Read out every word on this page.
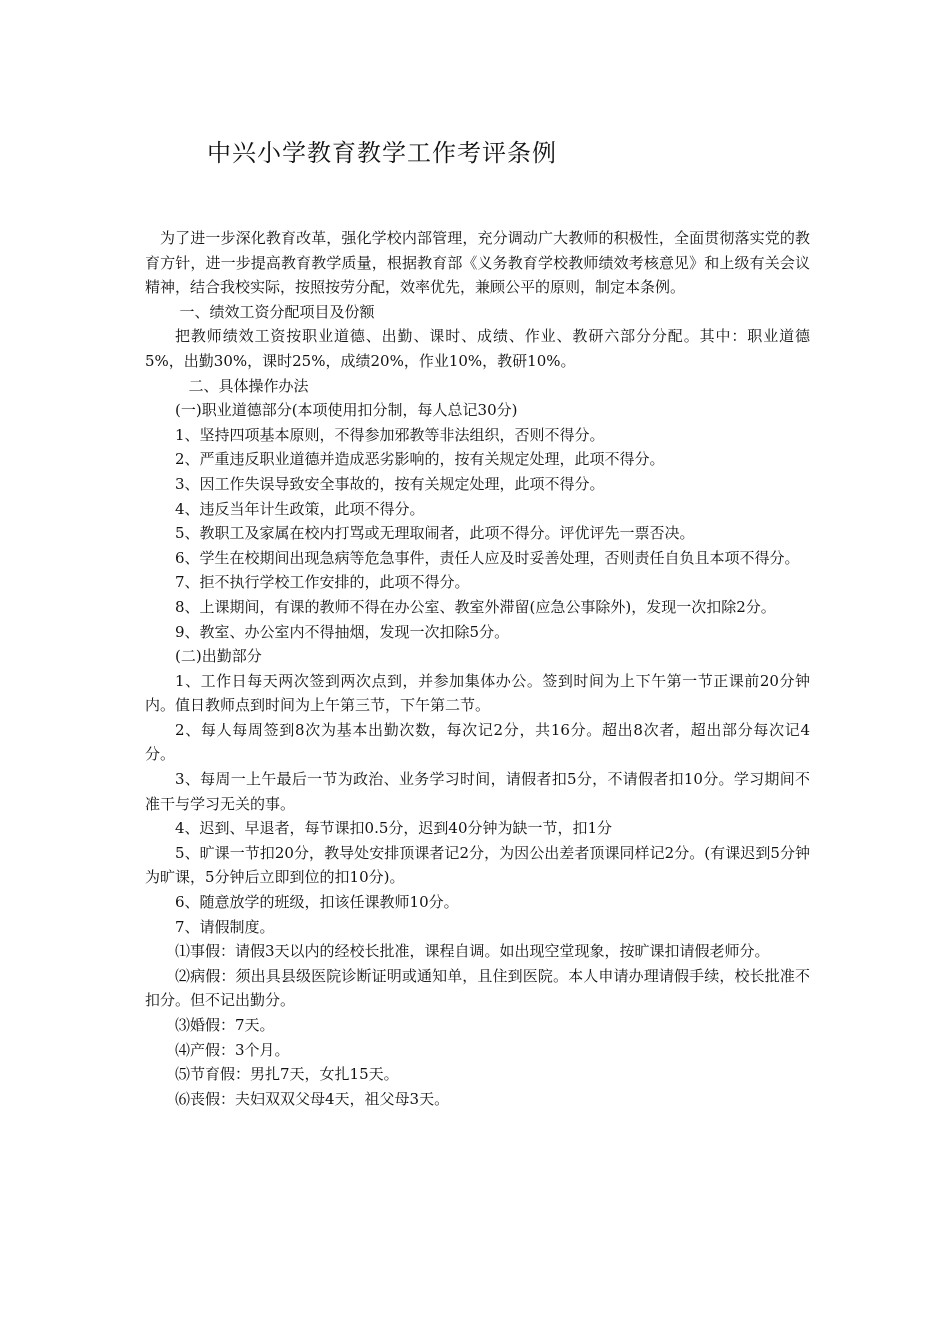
中兴小学教育教学工作考评条例

为了进一步深化教育改革，强化学校内部管理，充分调动广大教师的积极性，全面贯彻落实党的教育方针，进一步提高教育教学质量，根据教育部《义务教育学校教师绩效考核意见》和上级有关会议精神，结合我校实际，按照按劳分配，效率优先，兼顾公平的原则，制定本条例。

一、绩效工资分配项目及份额

把教师绩效工资按职业道德、出勤、课时、成绩、作业、教研六部分分配。其中：职业道德5%，出勤30%，课时25%，成绩20%，作业10%，教研10%。

二、具体操作办法

(一)职业道德部分(本项使用扣分制，每人总记30分)

1、坚持四项基本原则，不得参加邪教等非法组织，否则不得分。

2、严重违反职业道德并造成恶劣影响的，按有关规定处理，此项不得分。

3、因工作失误导致安全事故的，按有关规定处理，此项不得分。

4、违反当年计生政策，此项不得分。

5、教职工及家属在校内打骂或无理取闹者，此项不得分。评优评先一票否决。

6、学生在校期间出现急病等危急事件，责任人应及时妥善处理，否则责任自负且本项不得分。

7、拒不执行学校工作安排的，此项不得分。

8、上课期间，有课的教师不得在办公室、教室外滞留(应急公事除外)，发现一次扣除2分。

9、教室、办公室内不得抽烟，发现一次扣除5分。

(二)出勤部分

1、工作日每天两次签到两次点到，并参加集体办公。签到时间为上下午第一节正课前20分钟内。值日教师点到时间为上午第三节，下午第二节。

2、每人每周签到8次为基本出勤次数，每次记2分，共16分。超出8次者，超出部分每次记4分。

3、每周一上午最后一节为政治、业务学习时间，请假者扣5分，不请假者扣10分。学习期间不准干与学习无关的事。

4、迟到、早退者，每节课扣0.5分，迟到40分钟为缺一节，扣1分

5、旷课一节扣20分，教导处安排顶课者记2分，为因公出差者顶课同样记2分。(有课迟到5分钟为旷课，5分钟后立即到位的扣10分)。

6、随意放学的班级，扣该任课教师10分。

7、请假制度。

⑴事假：请假3天以内的经校长批准，课程自调。如出现空堂现象，按旷课扣请假老师分。

⑵病假：须出具县级医院诊断证明或通知单，且住到医院。本人申请办理请假手续，校长批准不扣分。但不记出勤分。

⑶婚假：7天。

⑷产假：3个月。

⑸节育假：男扎7天，女扎15天。

⑹丧假：夫妇双双父母4天，祖父母3天。
